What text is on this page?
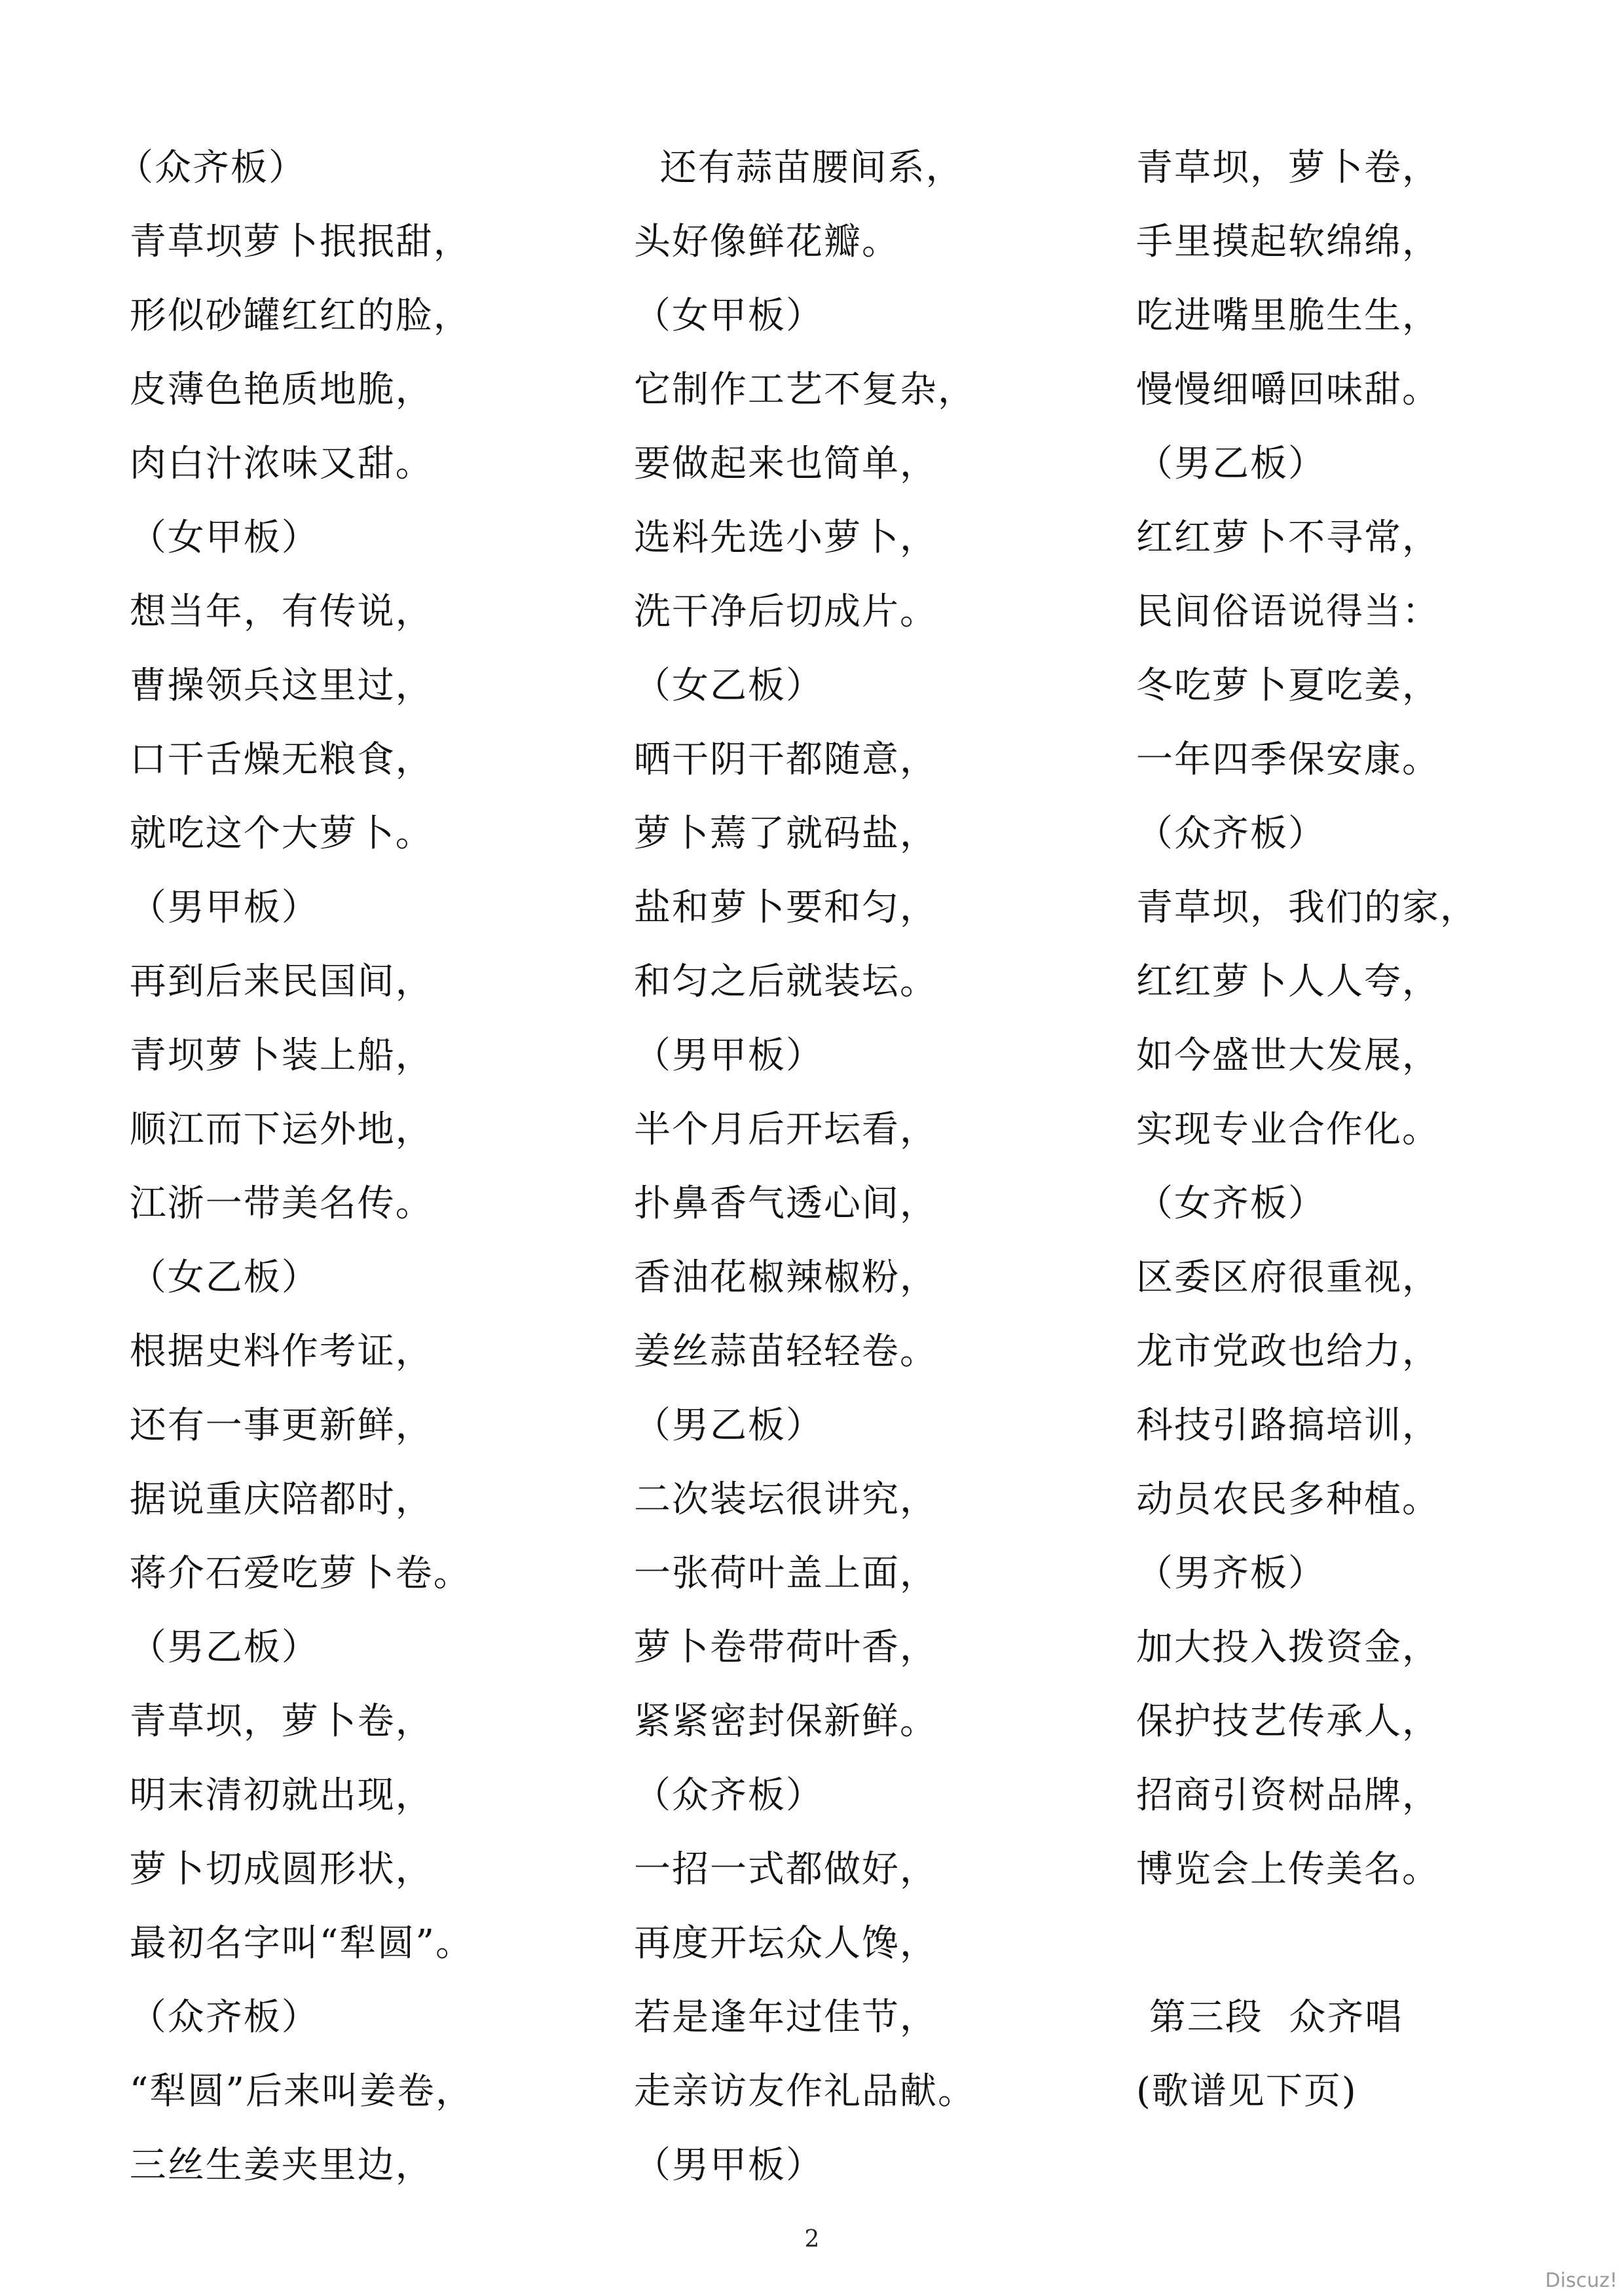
（众齐板）
青草坝萝卜抿抿甜，
形似砂罐红红的脸，
皮薄色艳质地脆，
肉白汁浓味又甜。
（女甲板）
想当年，有传说，
曹操领兵这里过，
口干舌燥无粮食，
就吃这个大萝卜。
（男甲板）
再到后来民国间，
青坝萝卜装上船，
顺江而下运外地，
江浙一带美名传。
（女乙板）
根据史料作考证，
还有一事更新鲜，
据说重庆陪都时，
蒋介石爱吃萝卜卷。
（男乙板）
青草坝，萝卜卷，
明末清初就出现，
萝卜切成圆形状，
最初名字叫“犁圆”。
（众齐板）
“犁圆”后来叫姜卷，
三丝生姜夹里边，
还有蒜苗腰间系，
头好像鲜花瓣。
（女甲板）
它制作工艺不复杂，
要做起来也简单，
选料先选小萝卜，
洗干净后切成片。
（女乙板）
晒干阴干都随意，
萝卜蔫了就码盐，
盐和萝卜要和匀，
和匀之后就装坛。
（男甲板）
半个月后开坛看，
扑鼻香气透心间，
香油花椒辣椒粉，
姜丝蒜苗轻轻卷。
（男乙板）
二次装坛很讲究，
一张荷叶盖上面，
萝卜卷带荷叶香，
紧紧密封保新鲜。
（众齐板）
一招一式都做好，
再度开坛众人馋，
若是逢年过佳节，
走亲访友作礼品献。
（男甲板）
青草坝，萝卜卷，
手里摸起软绵绵，
吃进嘴里脆生生，
慢慢细嚼回味甜。
（男乙板）
红红萝卜不寻常，
民间俗语说得当：
冬吃萝卜夏吃姜，
一年四季保安康。
（众齐板）
青草坝，我们的家，
红红萝卜人人夸，
如今盛世大发展，
实现专业合作化。
（女齐板）
区委区府很重视，
龙市党政也给力，
科技引路搞培训，
动员农民多种植。
（男齐板）
加大投入拨资金，
保护技艺传承人，
招商引资树品牌，
博览会上传美名。
第三段  众齐唱
(歌谱见下页)
2
Discuz!
